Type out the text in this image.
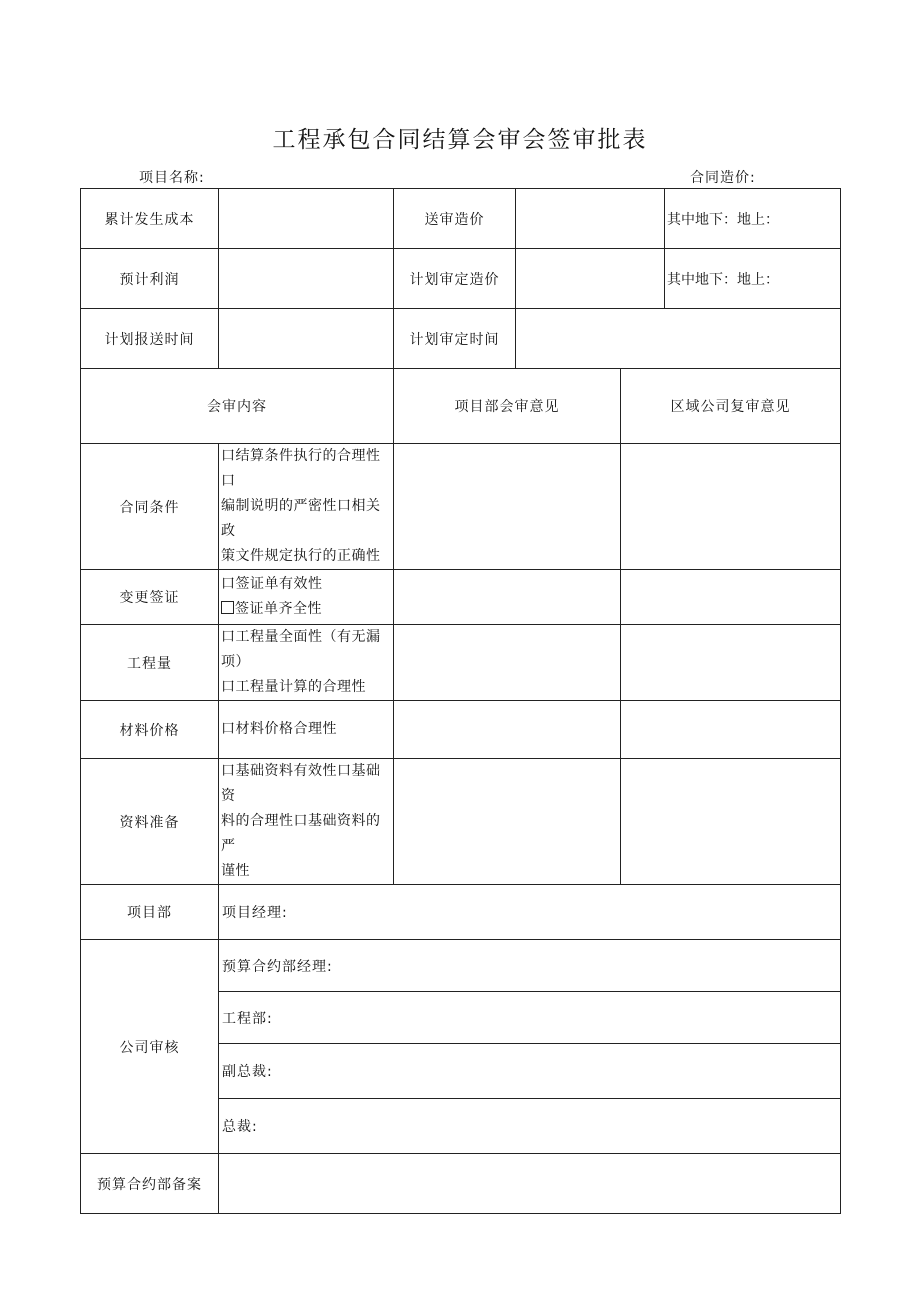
工程承包合同结算会审会签审批表
项目名称:	合同造价:
累计发生成本		送审造价			其中地下：地上：
预计利润		计划审定造价			其中地下：地上：
计划报送时间		计划审定时间			
会审内容		项目部会审意见		区域公司复审意见	
合同条件	口结算条件执行的合理性口
编制说明的严密性口相关政
策文件规定执行的正确性				

变更签证	口签证单有效性
签证单齐全性				

工程量	口工程量全面性（有无漏
项）
口工程量计算的合理性				

材料价格	口材料价格合理性				

资料准备	口基础资料有效性口基础资
料的合理性口基础资料的严
谨性				

项目部	项目经理:				
公司审核	预算合约部经理:				
	工程部:				
	副总裁:				
	总裁:				
预算合约部备案					
